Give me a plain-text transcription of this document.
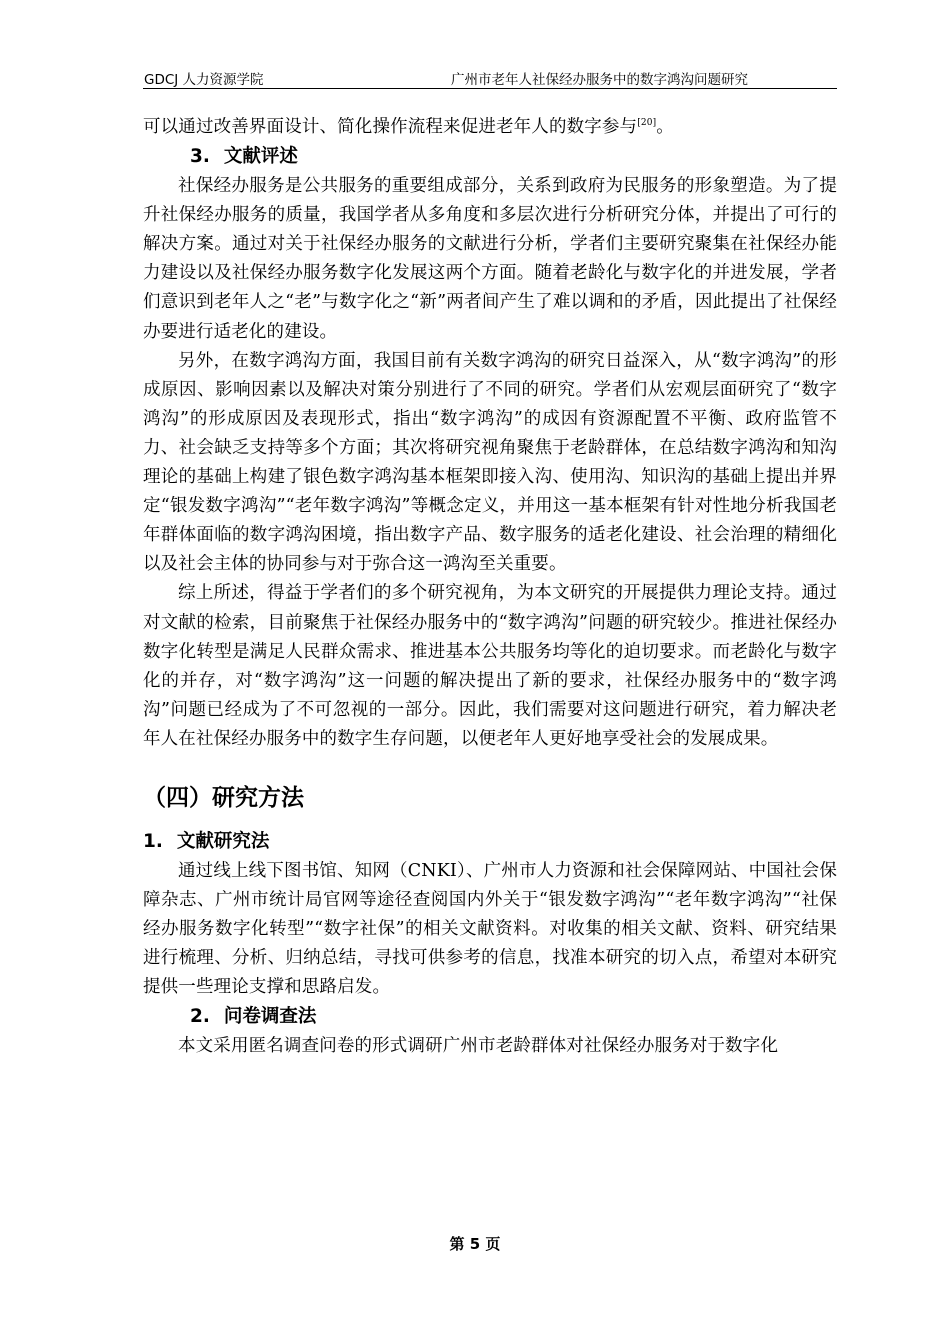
GDCJ 人力资源学院	广州市老年人社保经办服务中的数字鸿沟问题研究

可以通过改善界面设计、简化操作流程来促进老年人的数字参与[20]。

3. 文献评述

社保经办服务是公共服务的重要组成部分，关系到政府为民服务的形象塑造。为了提升社保经办服务的质量，我国学者从多角度和多层次进行分析研究分体，并提出了可行的解决方案。通过对关于社保经办服务的文献进行分析，学者们主要研究聚集在社保经办能力建设以及社保经办服务数字化发展这两个方面。随着老龄化与数字化的并进发展，学者们意识到老年人之“老”与数字化之“新”两者间产生了难以调和的矛盾，因此提出了社保经办要进行适老化的建设。

另外，在数字鸿沟方面，我国目前有关数字鸿沟的研究日益深入，从“数字鸿沟”的形成原因、影响因素以及解决对策分别进行了不同的研究。学者们从宏观层面研究了“数字鸿沟”的形成原因及表现形式，指出“数字鸿沟”的成因有资源配置不平衡、政府监管不力、社会缺乏支持等多个方面；其次将研究视角聚焦于老龄群体，在总结数字鸿沟和知沟理论的基础上构建了银色数字鸿沟基本框架即接入沟、使用沟、知识沟的基础上提出并界定“银发数字鸿沟”“老年数字鸿沟”等概念定义，并用这一基本框架有针对性地分析我国老年群体面临的数字鸿沟困境，指出数字产品、数字服务的适老化建设、社会治理的精细化以及社会主体的协同参与对于弥合这一鸿沟至关重要。

综上所述，得益于学者们的多个研究视角，为本文研究的开展提供力理论支持。通过对文献的检索，目前聚焦于社保经办服务中的“数字鸿沟”问题的研究较少。推进社保经办数字化转型是满足人民群众需求、推进基本公共服务均等化的迫切要求。而老龄化与数字化的并存，对“数字鸿沟”这一问题的解决提出了新的要求，社保经办服务中的“数字鸿沟”问题已经成为了不可忽视的一部分。因此，我们需要对这问题进行研究，着力解决老年人在社保经办服务中的数字生存问题，以便老年人更好地享受社会的发展成果。

（四）研究方法
1. 文献研究法

通过线上线下图书馆、知网（CNKI）、广州市人力资源和社会保障网站、中国社会保障杂志、广州市统计局官网等途径查阅国内外关于“银发数字鸿沟”“老年数字鸿沟”“社保经办服务数字化转型”“数字社保”的相关文献资料。对收集的相关文献、资料、研究结果进行梳理、分析、归纳总结，寻找可供参考的信息，找准本研究的切入点，希望对本研究提供一些理论支撑和思路启发。

2. 问卷调查法

本文采用匿名调查问卷的形式调研广州市老龄群体对社保经办服务对于数字化

第 5 页
